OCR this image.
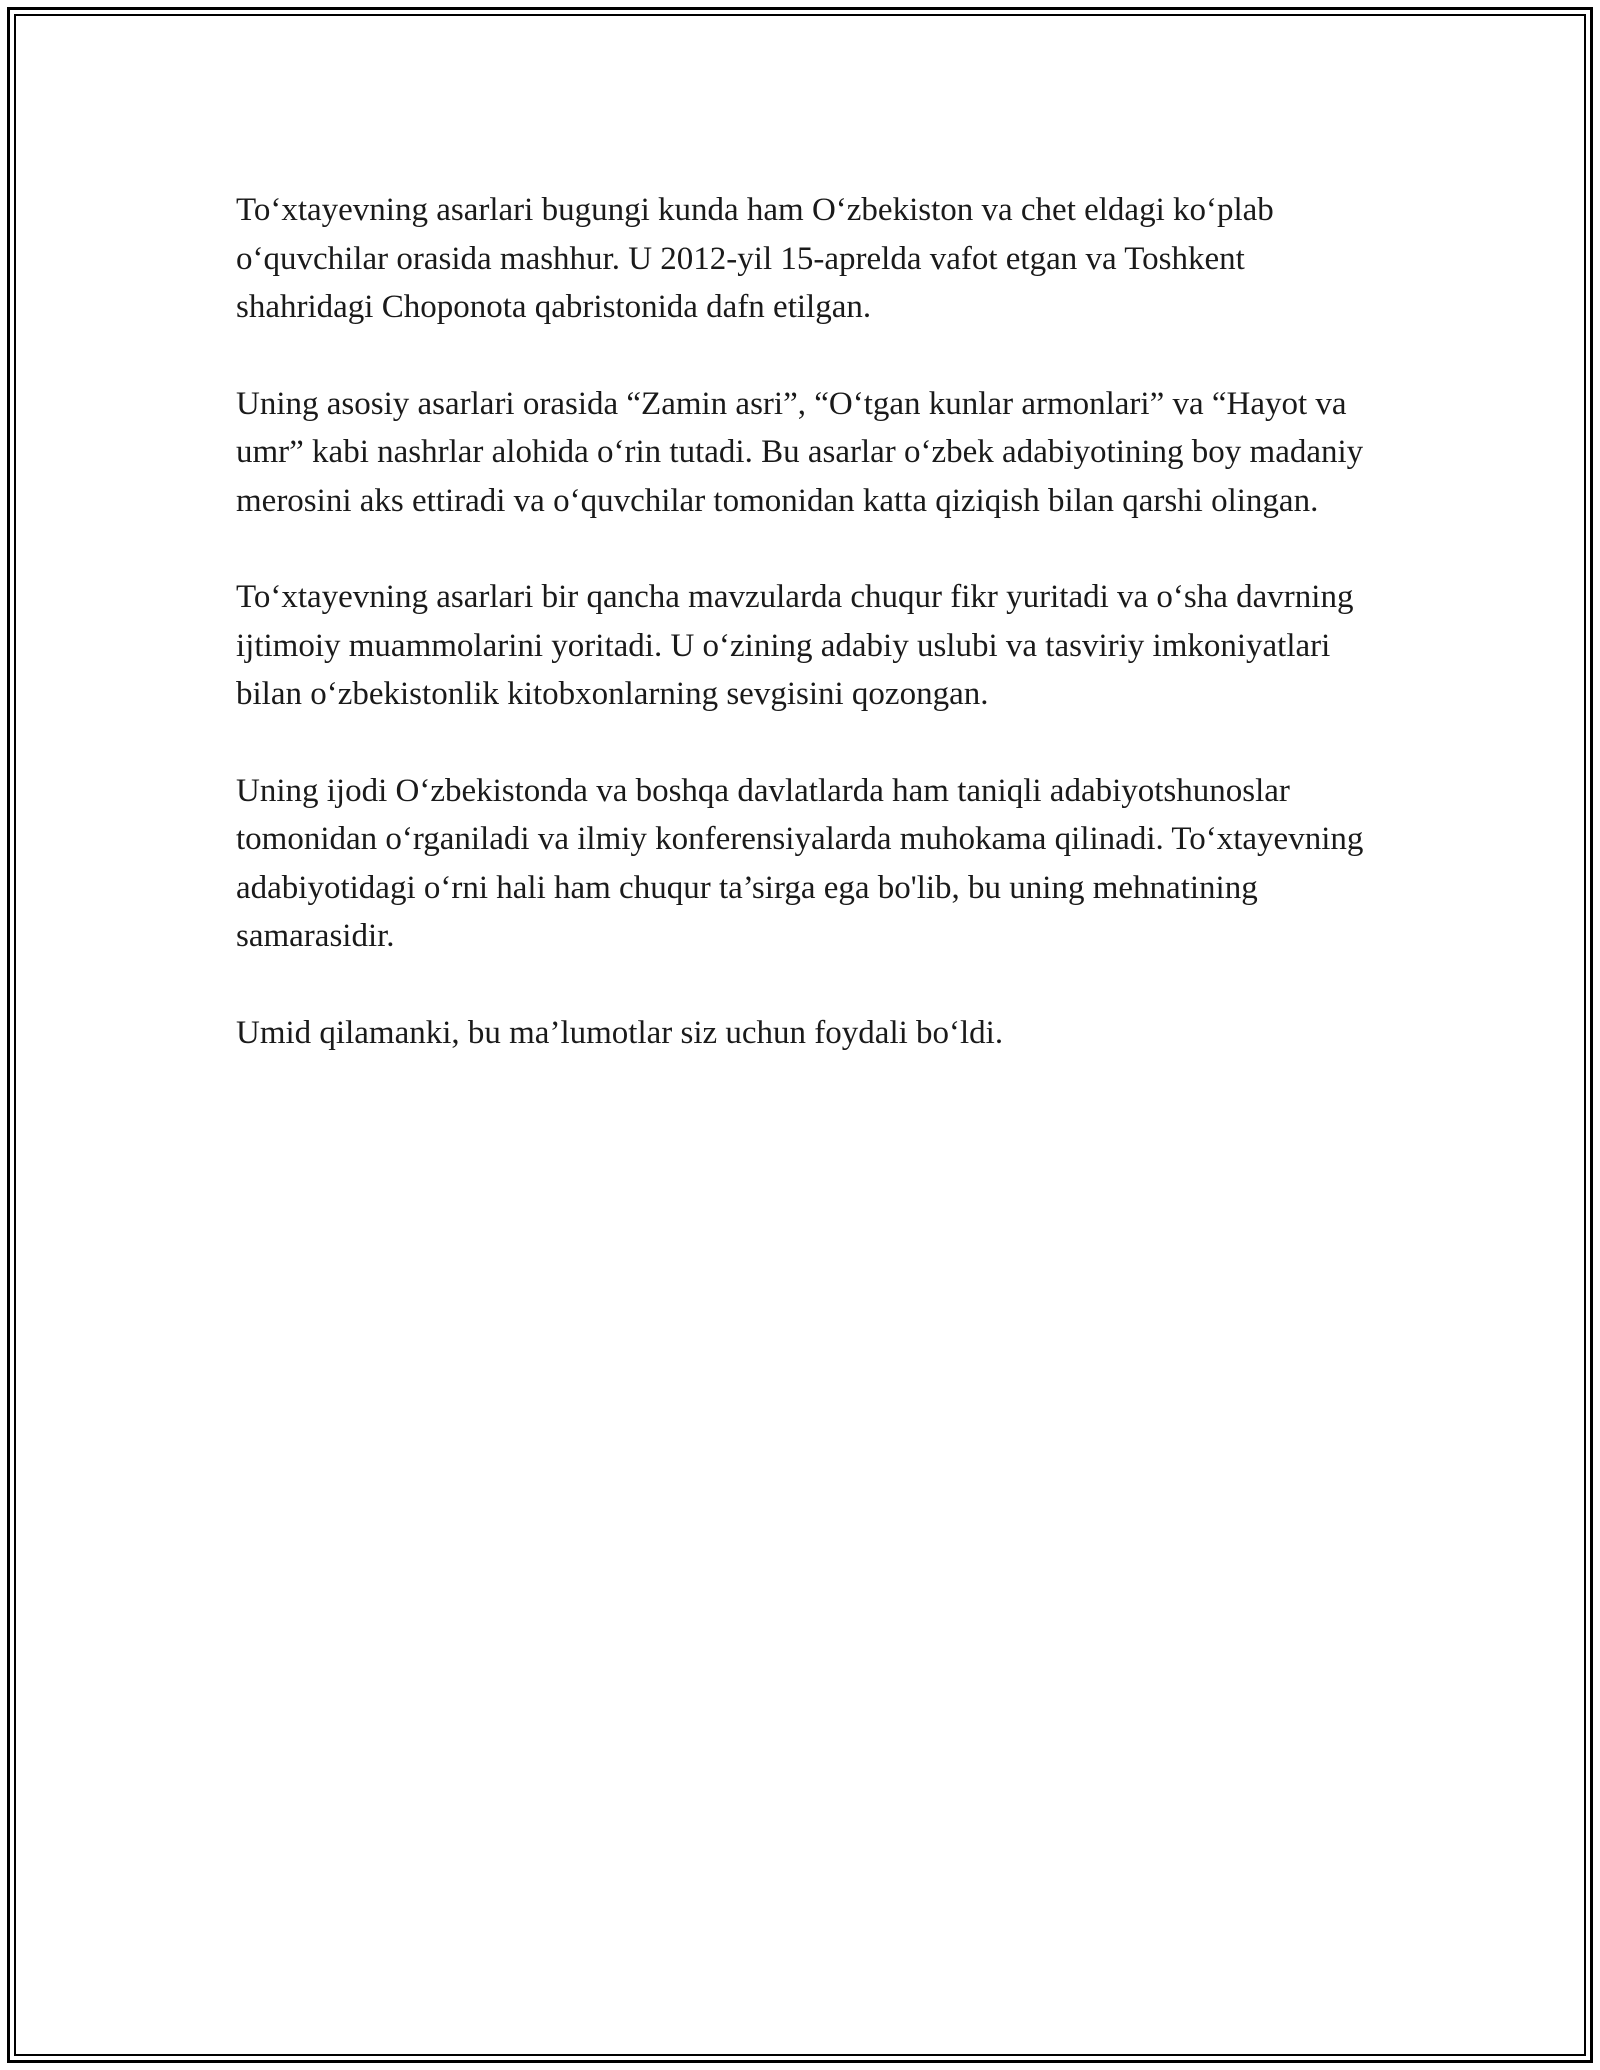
To‘xtayevning asarlari bugungi kunda ham O‘zbekiston va chet eldagi ko‘plab o‘quvchilar orasida mashhur. U 2012-yil 15-aprelda vafot etgan va Toshkent shahridagi Choponota qabristonida dafn etilgan.

Uning asosiy asarlari orasida “Zamin asri”, “O‘tgan kunlar armonlari” va “Hayot va umr” kabi nashrlar alohida o‘rin tutadi. Bu asarlar o‘zbek adabiyotining boy madaniy merosini aks ettiradi va o‘quvchilar tomonidan katta qiziqish bilan qarshi olingan.

To‘xtayevning asarlari bir qancha mavzularda chuqur fikr yuritadi va o‘sha davrning ijtimoiy muammolarini yoritadi. U o‘zining adabiy uslubi va tasviriy imkoniyatlari bilan o‘zbekistonlik kitobxonlarning sevgisini qozongan.

Uning ijodi O‘zbekistonda va boshqa davlatlarda ham taniqli adabiyotshunoslar tomonidan o‘rganiladi va ilmiy konferensiyalarda muhokama qilinadi. To‘xtayevning adabiyotidagi o‘rni hali ham chuqur ta’sirga ega bo'lib, bu uning mehnatining samarasidir.

Umid qilamanki, bu ma’lumotlar siz uchun foydali bo‘ldi.
